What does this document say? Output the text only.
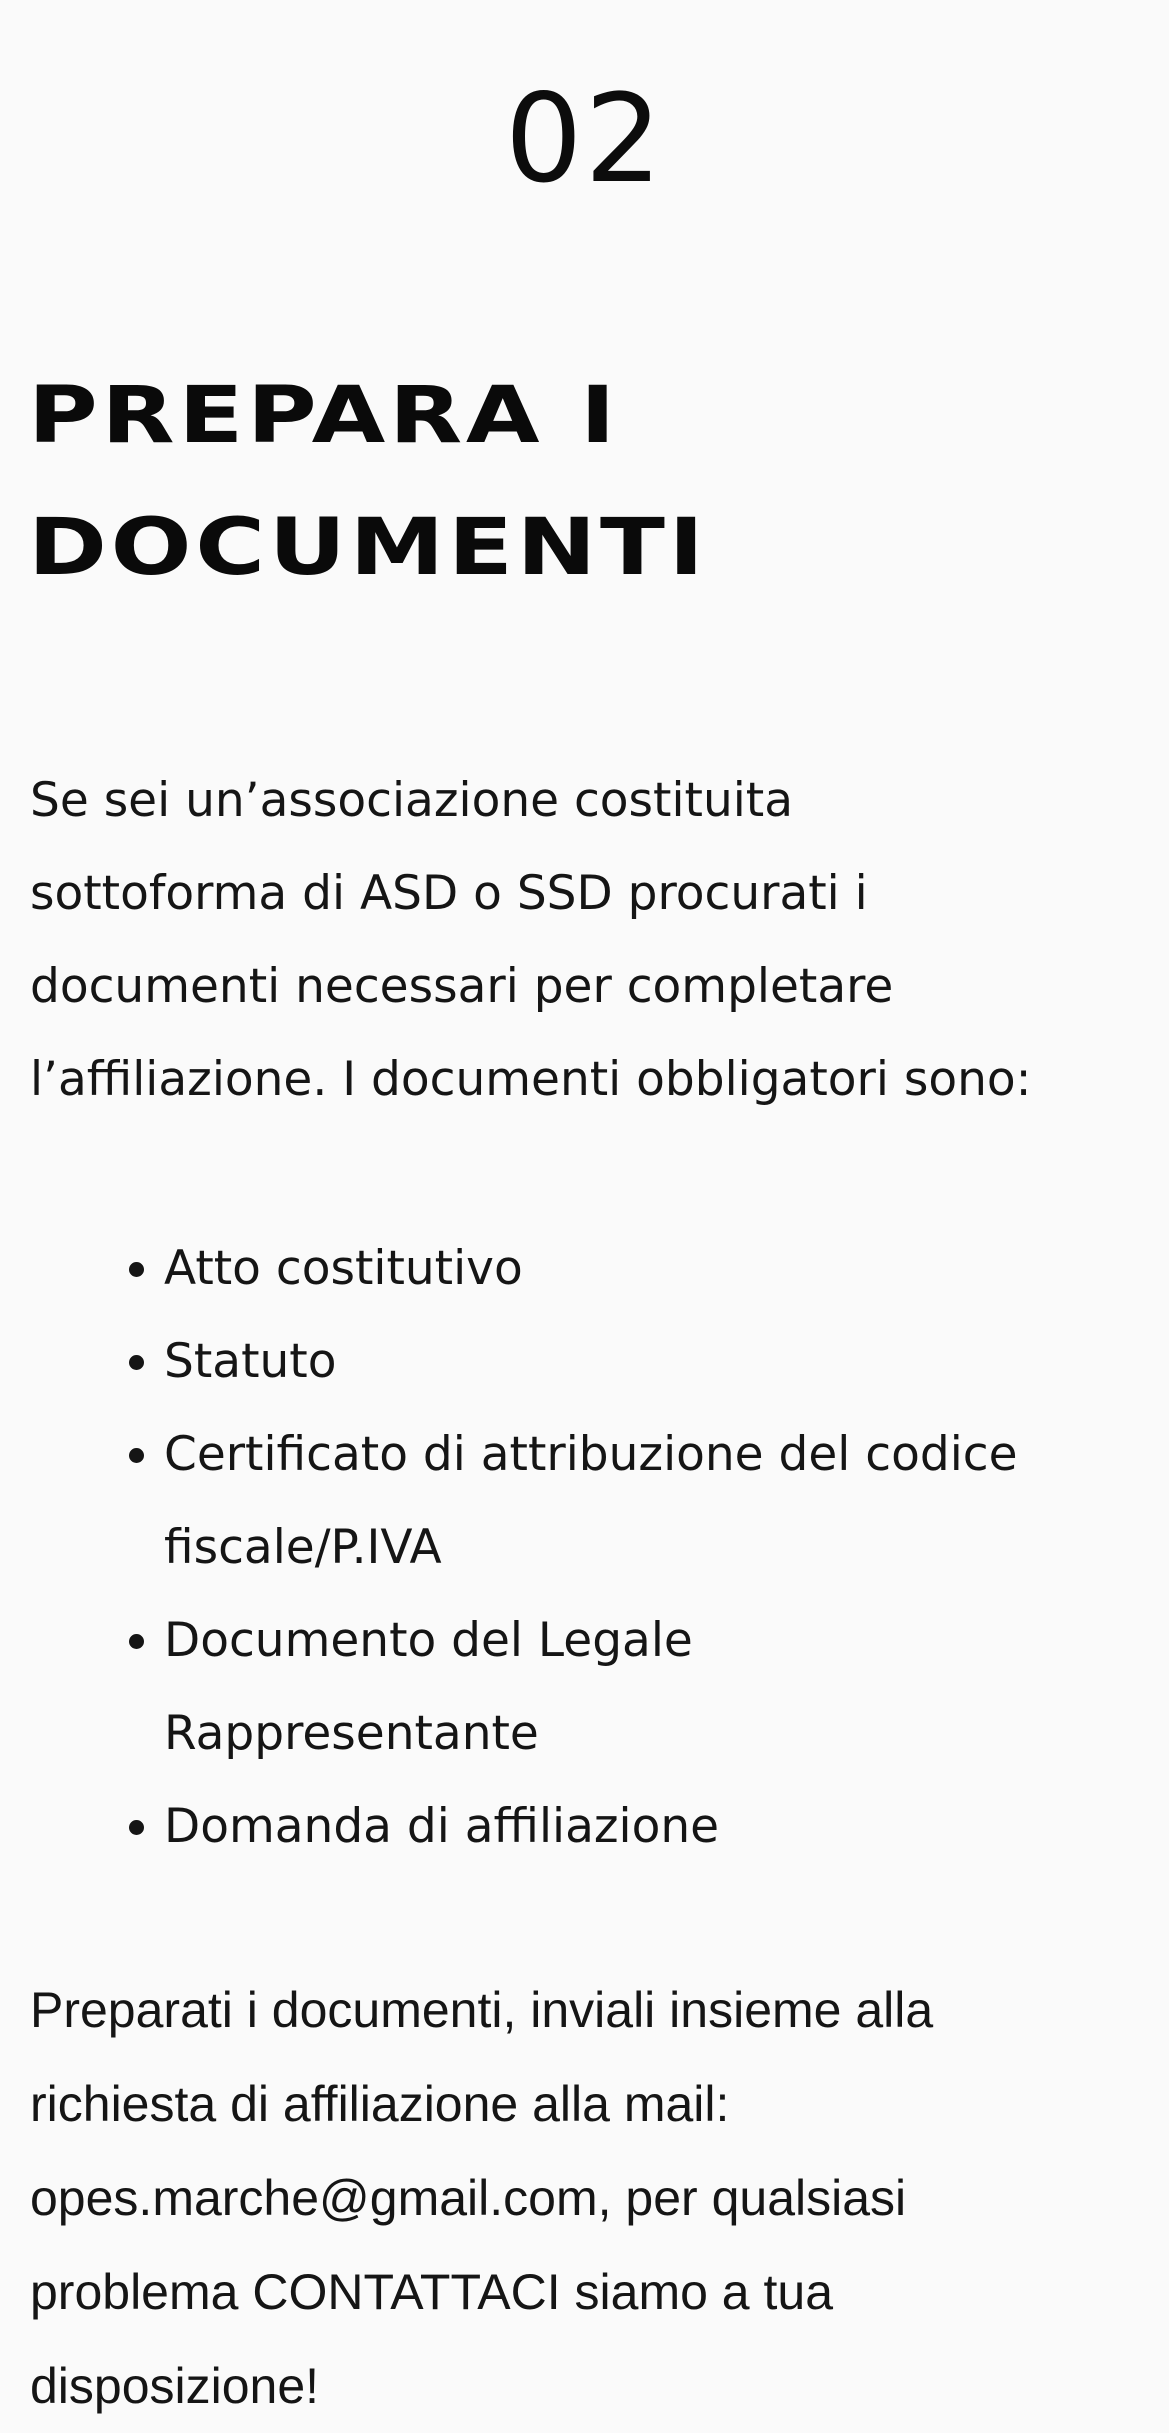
02
PREPARA I
DOCUMENTI

Se sei un’associazione costituita
sottoforma di ASD o SSD procurati i
documenti necessari per completare
l’affiliazione. I documenti obbligatori sono:

Atto costitutivo
Statuto
Certificato di attribuzione del codice
fiscale/P.IVA
Documento del Legale
Rappresentante
Domanda di affiliazione

Preparati i documenti, inviali insieme alla
richiesta di affiliazione alla mail:
opes.marche@gmail.com, per qualsiasi
problema CONTATTACI siamo a tua
disposizione!
